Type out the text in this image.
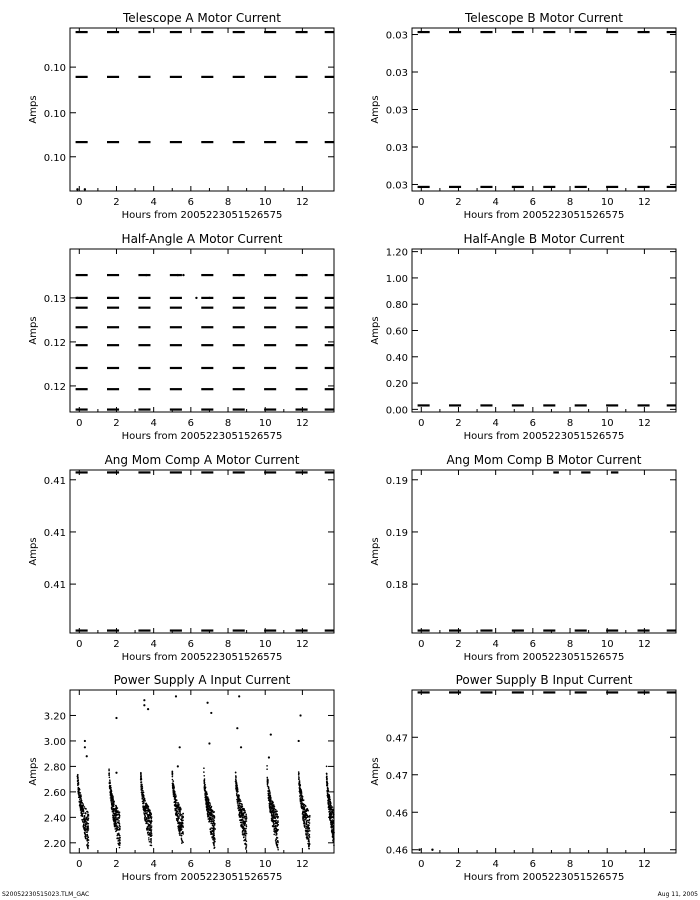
Telescope A Motor Current
0	2	4	6	8	10 12
Hours from 2005223051526575
0.10
0.10
0.10
Amps
Telescope B Motor Current
0	2	4	6	8	10 12
Hours from 2005223051526575
0.03
0.03
0.03
0.03
0.03
Amps
Half-Angle A Motor Current
0	2	4	6	8	10 12
Hours from 2005223051526575
0.12
0.12
0.13
Amps
Half-Angle B Motor Current
0	2	4	6	8	10 12
Hours from 2005223051526575
0.00
0.20
0.40
0.60
0.80
1.00
1.20
Amps
Ang Mom Comp A Motor Current
0	2	4	6	8	10 12
Hours from 2005223051526575
0.41
0.41
0.41
Amps
Ang Mom Comp B Motor Current
0	2	4	6	8	10 12
Hours from 2005223051526575
0.18
0.19
0.19
Amps
Power Supply A Input Current
0	2	4	6	8	10 12
Hours from 2005223051526575
2.20
2.40
2.60
2.80
3.00
3.20
Amps
Power Supply B Input Current
0	2	4	6	8	10 12
Hours from 2005223051526575
0.46
0.46
0.47
0.47
Amps
S20052230515023.TLM_GAC	Aug 11, 2005
